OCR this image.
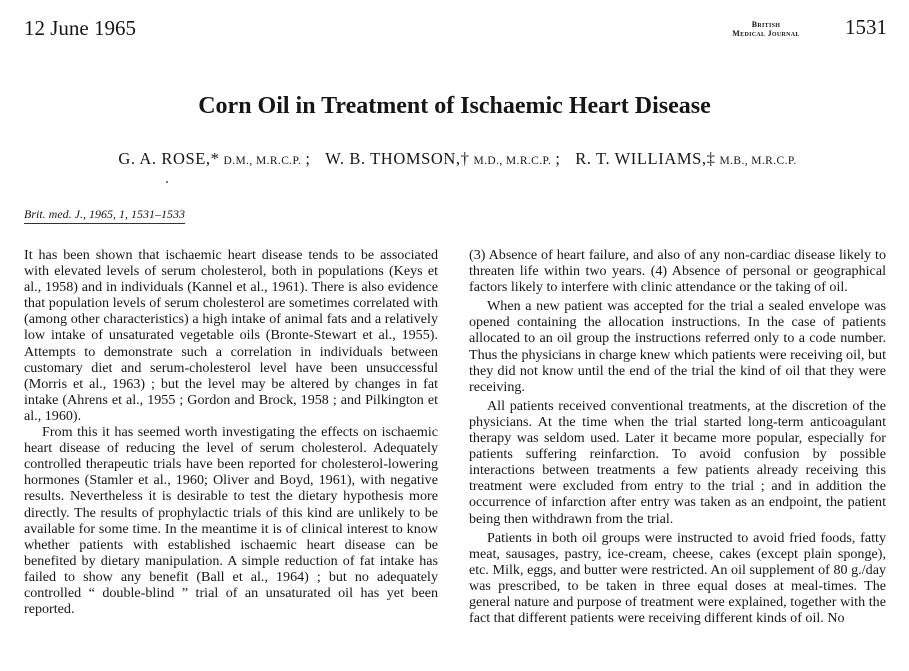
12 June 1965	British
Medical Journal	1531
Corn Oil in Treatment of Ischaemic Heart Disease
G. A. ROSE,* D.M., M.R.C.P. ; W. B. THOMSON,† M.D., M.R.C.P. ; R. T. WILLIAMS,‡ M.B., M.R.C.P.
Brit. med. J., 1965, 1, 1531–1533

It has been shown that ischaemic heart disease tends to be associated with elevated levels of serum cholesterol, both in populations (Keys et al., 1958) and in individuals (Kannel et al., 1961). There is also evidence that population levels of serum cholesterol are sometimes correlated with (among other characteristics) a high intake of animal fats and a relatively low intake of unsaturated vegetable oils (Bronte-Stewart et al., 1955). Attempts to demonstrate such a correlation in individuals between customary diet and serum-cholesterol level have been unsuccessful (Morris et al., 1963) ; but the level may be altered by changes in fat intake (Ahrens et al., 1955 ; Gordon and Brock, 1958 ; and Pilkington et al., 1960).

From this it has seemed worth investigating the effects on ischaemic heart disease of reducing the level of serum cholesterol. Adequately controlled therapeutic trials have been reported for cholesterol-lowering hormones (Stamler et al., 1960; Oliver and Boyd, 1961), with negative results. Nevertheless it is desirable to test the dietary hypothesis more directly. The results of prophylactic trials of this kind are unlikely to be available for some time. In the meantime it is of clinical interest to know whether patients with established ischaemic heart disease can be benefited by dietary manipulation. A simple reduction of fat intake has failed to show any benefit (Ball et al., 1964) ; but no adequately controlled “ double-blind ” trial of an unsaturated oil has yet been reported.

(3) Absence of heart failure, and also of any non-cardiac disease likely to threaten life within two years. (4) Absence of personal or geographical factors likely to interfere with clinic attendance or the taking of oil.

When a new patient was accepted for the trial a sealed envelope was opened containing the allocation instructions. In the case of patients allocated to an oil group the instructions referred only to a code number. Thus the physicians in charge knew which patients were receiving oil, but they did not know until the end of the trial the kind of oil that they were receiving.

All patients received conventional treatments, at the discretion of the physicians. At the time when the trial started long-term anticoagulant therapy was seldom used. Later it became more popular, especially for patients suffering reinfarction. To avoid confusion by possible interactions between treatments a few patients already receiving this treatment were excluded from entry to the trial ; and in addition the occurrence of infarction after entry was taken as an endpoint, the patient being then withdrawn from the trial.

Patients in both oil groups were instructed to avoid fried foods, fatty meat, sausages, pastry, ice-cream, cheese, cakes (except plain sponge), etc. Milk, eggs, and butter were restricted. An oil supplement of 80 g./day was prescribed, to be taken in three equal doses at meal-times. The general nature and purpose of treatment were explained, together with the fact that different patients were receiving different kinds of oil. No
